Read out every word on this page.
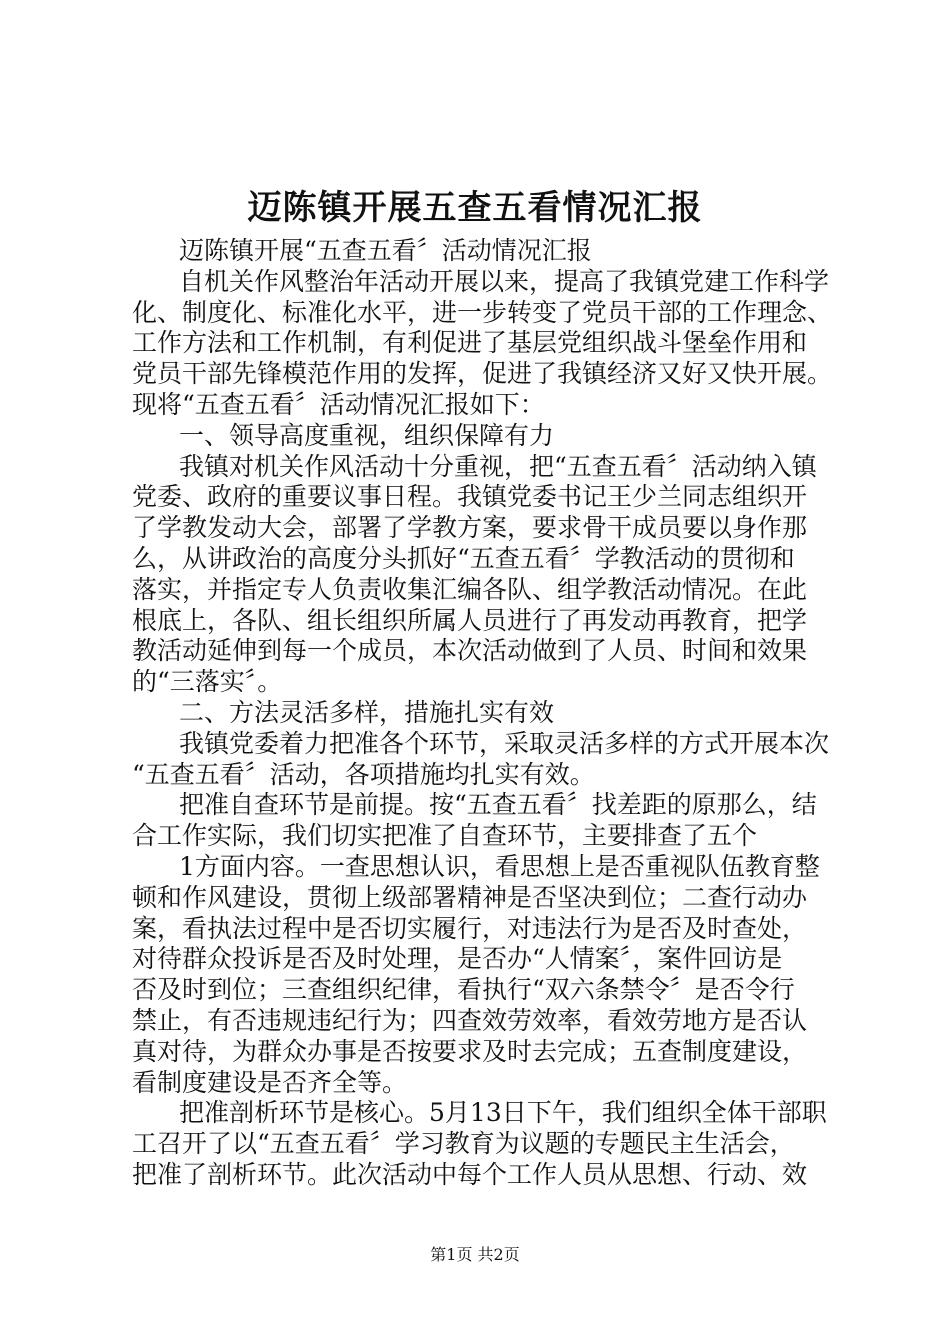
迈陈镇开展五查五看情况汇报
迈陈镇开展“五查五看〞活动情况汇报
自机关作风整治年活动开展以来，提高了我镇党建工作科学
化、制度化、标准化水平，进一步转变了党员干部的工作理念、
工作方法和工作机制，有利促进了基层党组织战斗堡垒作用和
党员干部先锋模范作用的发挥，促进了我镇经济又好又快开展。
现将“五查五看〞活动情况汇报如下：
一、领导高度重视，组织保障有力
我镇对机关作风活动十分重视，把“五查五看〞活动纳入镇
党委、政府的重要议事日程。我镇党委书记王少兰同志组织开
了学教发动大会，部署了学教方案，要求骨干成员要以身作那
么，从讲政治的高度分头抓好“五查五看〞学教活动的贯彻和
落实，并指定专人负责收集汇编各队、组学教活动情况。在此
根底上，各队、组长组织所属人员进行了再发动再教育，把学
教活动延伸到每一个成员，本次活动做到了人员、时间和效果
的“三落实〞。
二、方法灵活多样，措施扎实有效
我镇党委着力把准各个环节，采取灵活多样的方式开展本次
“五查五看〞活动，各项措施均扎实有效。
把准自查环节是前提。按“五查五看〞找差距的原那么，结
合工作实际，我们切实把准了自查环节，主要排查了五个
1方面内容。一查思想认识，看思想上是否重视队伍教育整
顿和作风建设，贯彻上级部署精神是否坚决到位；二查行动办
案，看执法过程中是否切实履行，对违法行为是否及时查处，
对待群众投诉是否及时处理，是否办“人情案〞，案件回访是
否及时到位；三查组织纪律，看执行“双六条禁令〞是否令行
禁止，有否违规违纪行为；四查效劳效率，看效劳地方是否认
真对待，为群众办事是否按要求及时去完成；五查制度建设，
看制度建设是否齐全等。
把准剖析环节是核心。5月13日下午，我们组织全体干部职
工召开了以“五查五看〞学习教育为议题的专题民主生活会，
把准了剖析环节。此次活动中每个工作人员从思想、行动、效
第1页 共2页
